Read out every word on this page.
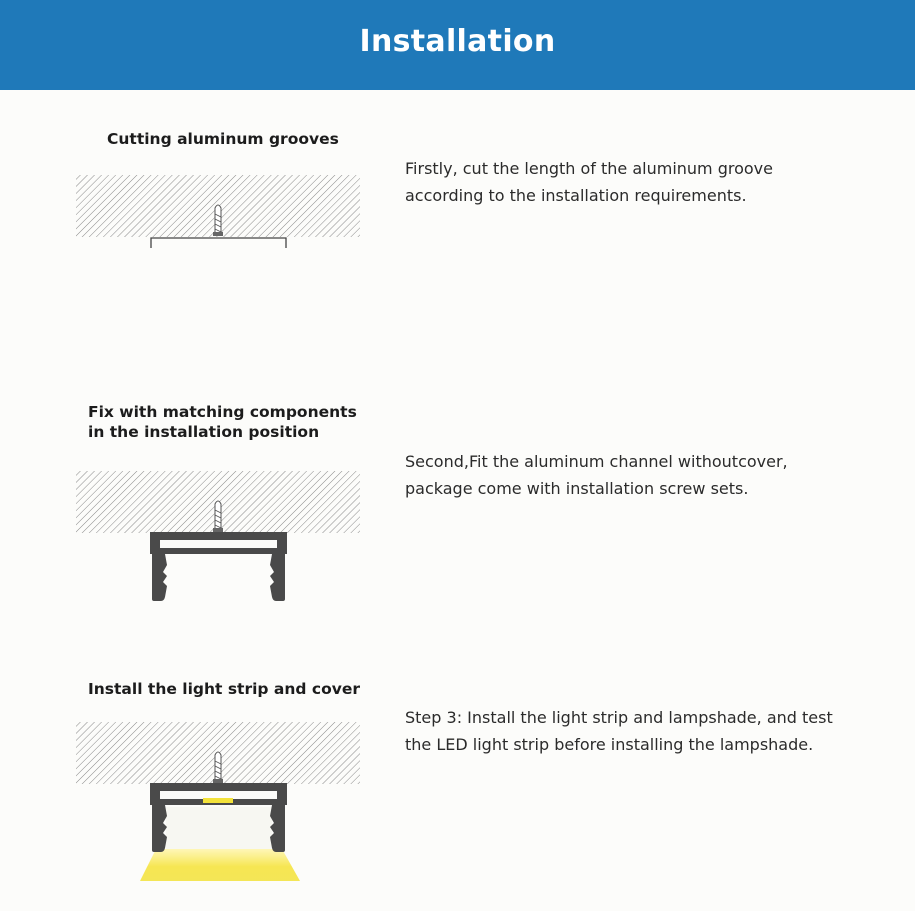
Installation
Cutting aluminum grooves
Firstly, cut the length of the aluminum groove according to the installation requirements.
Fix with matching components
in the installation position
Second,Fit the aluminum channel withoutcover, package come with installation screw sets.
Install the light strip and cover
Step 3: Install the light strip and lampshade, and test the LED light strip before installing the lampshade.
